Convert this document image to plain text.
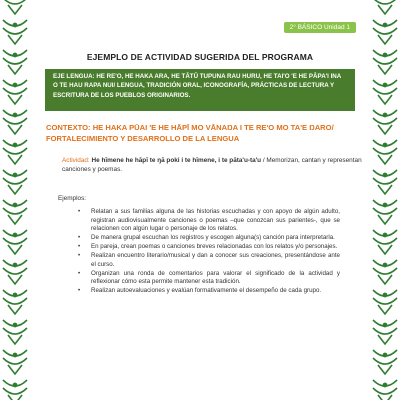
2° BÁSICO Unidad 1
EJEMPLO DE ACTIVIDAD SUGERIDA DEL PROGRAMA
EJE LENGUA: HE RE'O, HE HAKA ARA, HE TĀTŪ TUPUNA RAU HURU, HE TAI'O 'E HE PĀPA'I INA O TE HAU RAPA NUI/ LENGUA, TRADICIÓN ORAL, ICONOGRAFÍA, PRÁCTICAS DE LECTURA Y ESCRITURA DE LOS PUEBLOS ORIGINARIOS.
CONTEXTO: HE HAKA PŪAI 'E HE HĀPĪ MO VĀNAŊA I TE RE'O MO TA'E ŊARO/ FORTALECIMIENTO Y DESARROLLO DE LA LENGUA
Actividad: He hīmene he hāpī te ŋā poki i te hīmene, i te pāta'u-ta'u / Memorizan, cantan y representan canciones y poemas.
Ejemplos:
• Relatan a sus familias alguna de las historias escuchadas y con apoyo de algún adulto, registran audiovisualmente canciones o poemas –que conozcan sus parientes-, que se relacionen con algún lugar o personaje de los relatos.
• De manera grupal escuchan los registros y escogen alguna(s) canción para interpretarla.
• En pareja, crean poemas o canciones breves relacionadas con los relatos y/o personajes.
• Realizan encuentro literario/musical y dan a conocer sus creaciones, presentándose ante el curso.
• Organizan una ronda de comentarios para valorar el significado de la actividad y reflexionar cómo esta permite mantener esta tradición.
• Realizan autoevaluaciones y evalúan formativamente el desempeño de cada grupo.
